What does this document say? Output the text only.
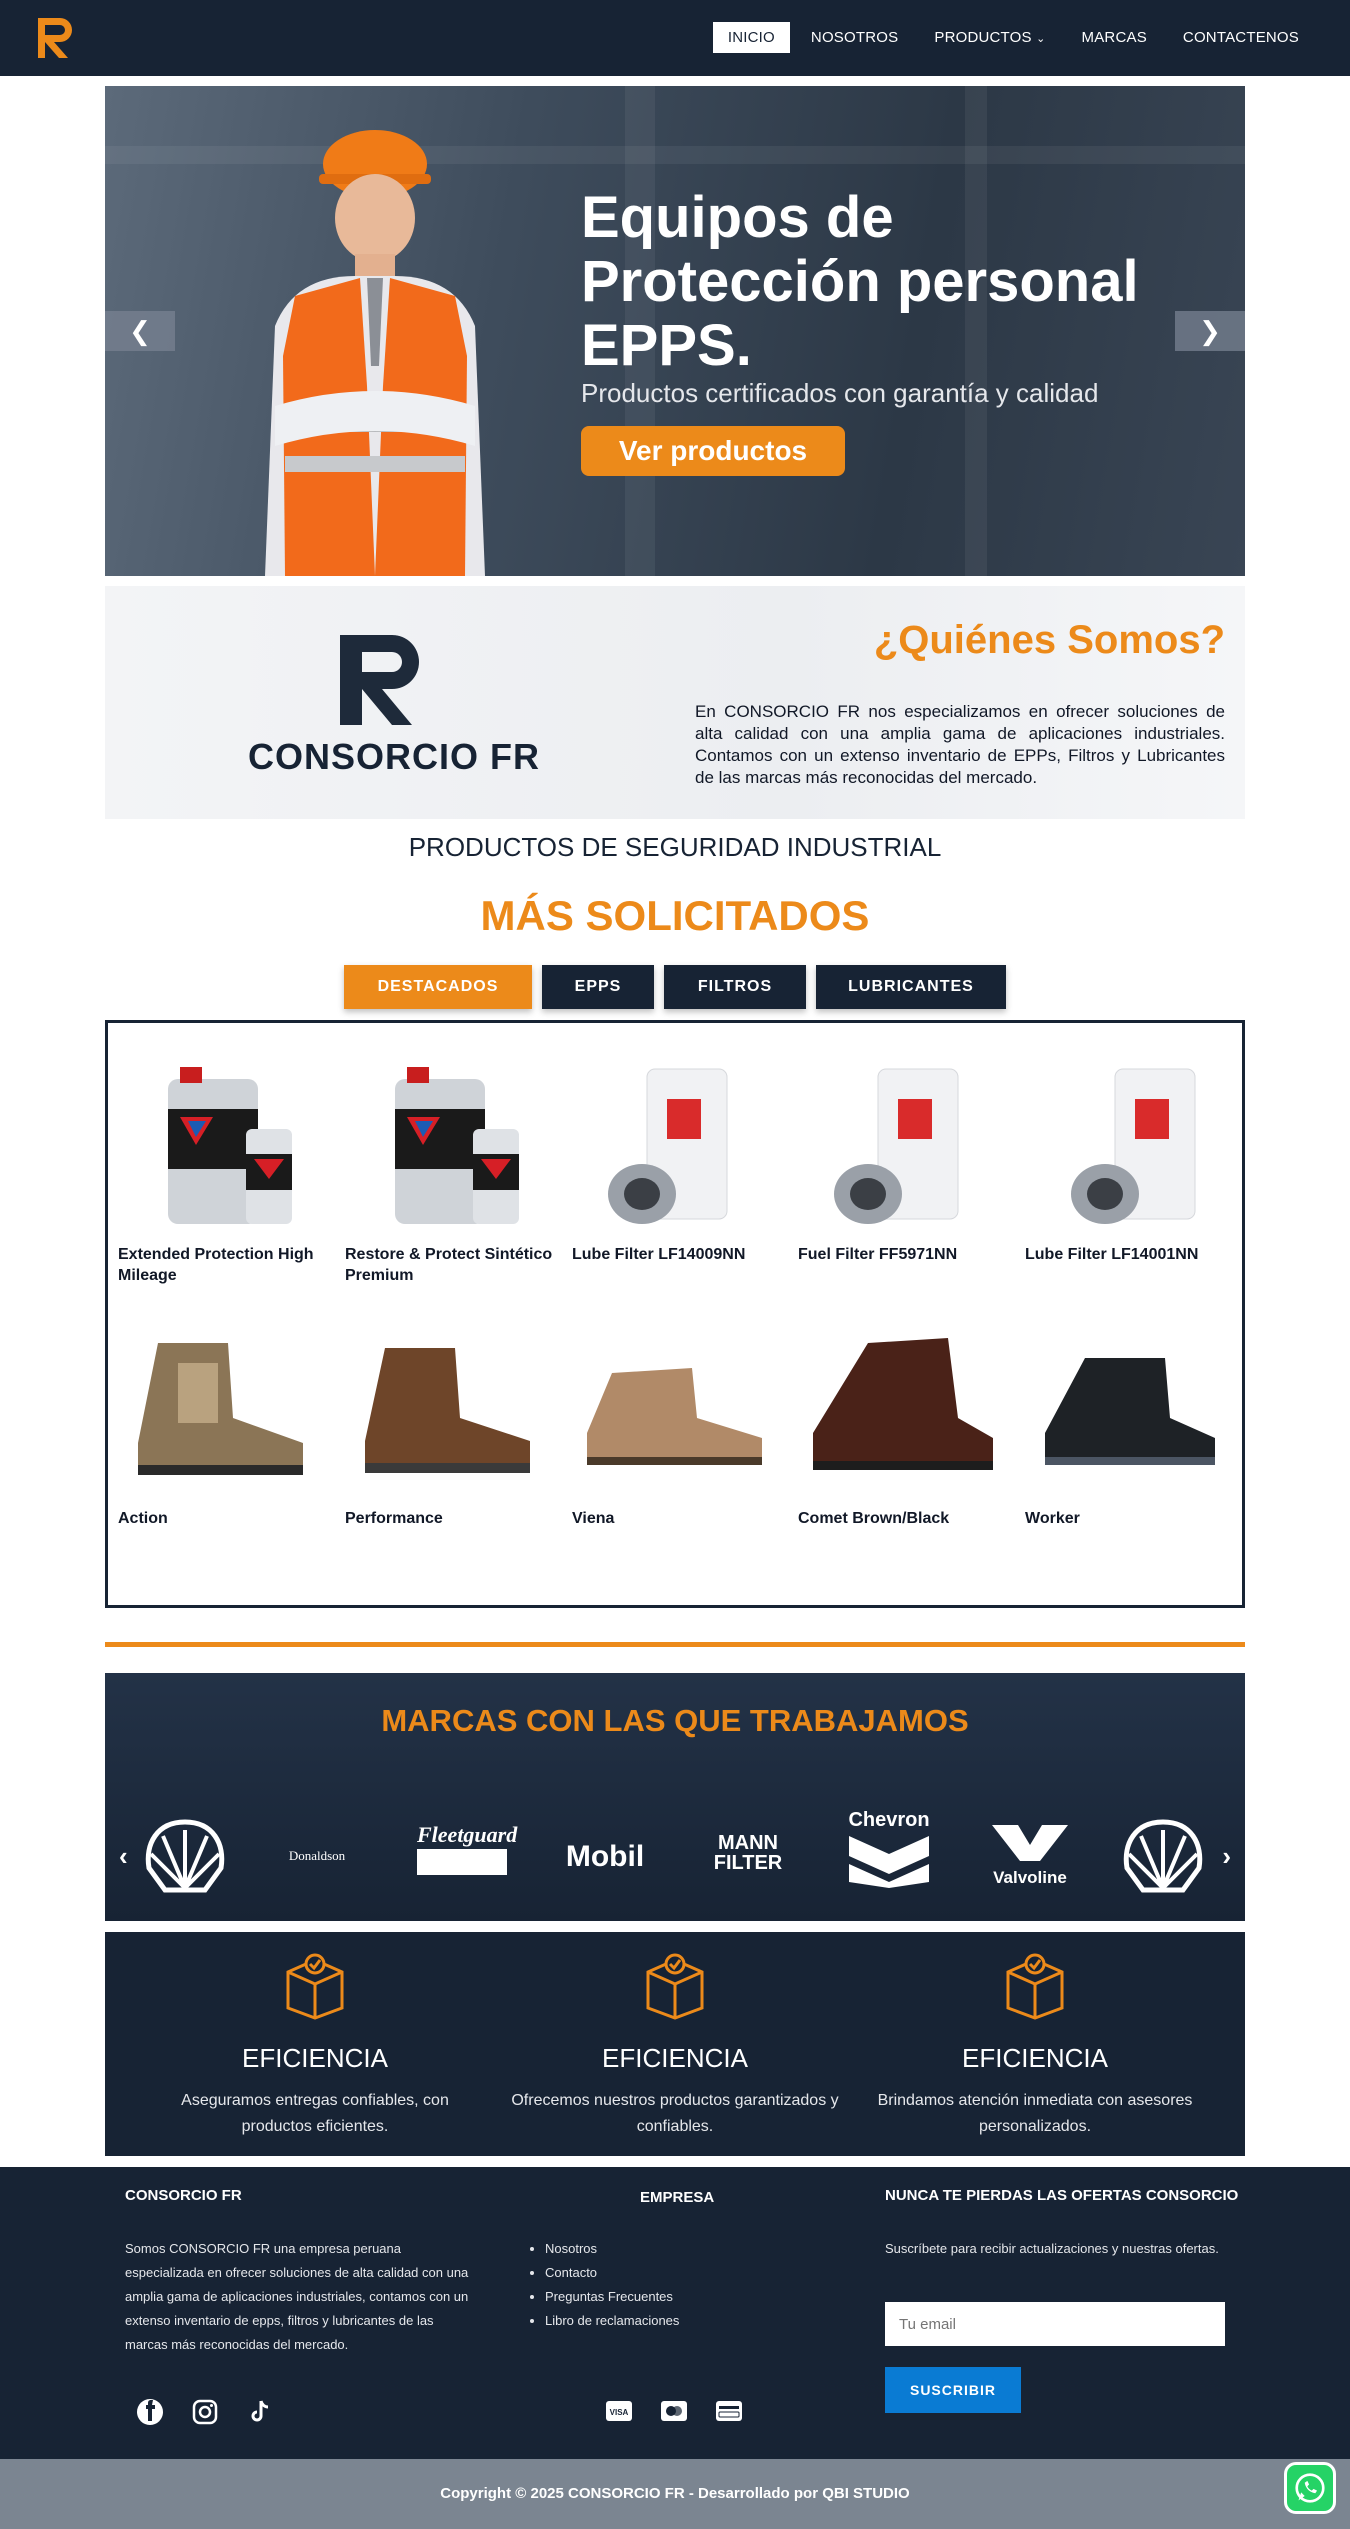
INICIO	NOSOTROS	PRODUCTOS ⌄	MARCAS	CONTACTENOS
Equipos de Protección personal EPPS.
Productos certificados con garantía y calidad
Ver productos
❮	❯
CONSORCIO FR
¿Quiénes Somos?
En CONSORCIO FR nos especializamos en ofrecer soluciones de alta calidad con una amplia gama de aplicaciones industriales. Contamos con un extenso inventario de EPPs, Filtros y Lubricantes de las marcas más reconocidas del mercado.
PRODUCTOS DE SEGURIDAD INDUSTRIAL
MÁS SOLICITADOS
DESTACADOS	EPPS	FILTROS	LUBRICANTES
Extended Protection High Mileage
Restore & Protect Sintético Premium
Lube Filter LF14009NN	Fuel Filter FF5971NN	Lube Filter LF14001NN
Action	Performance	Viena	Comet Brown/Black	Worker
MARCAS CON LAS QUE TRABAJAMOS
‹	›
Donaldson
Fleetguard
Mobil	MANN FILTER
Chevron
Valvoline
EFICIENCIA

Aseguramos entregas confiables, con productos eficientes.

EFICIENCIA

Ofrecemos nuestros productos garantizados y confiables.

EFICIENCIA

Brindamos atención inmediata con asesores personalizados.

CONSORCIO FR
Somos CONSORCIO FR una empresa peruana especializada en ofrecer soluciones de alta calidad con una amplia gama de aplicaciones industriales, contamos con un extenso inventario de epps, filtros y lubricantes de las marcas más reconocidas del mercado.
EMPRESA
• Nosotros
• Contacto
• Preguntas Frecuentes
• Libro de reclamaciones
VISA
NUNCA TE PIERDAS LAS OFERTAS CONSORCIO
Suscríbete para recibir actualizaciones y nuestras ofertas.
Tu email
SUSCRIBIR
Copyright © 2025 CONSORCIO FR - Desarrollado por QBI STUDIO
